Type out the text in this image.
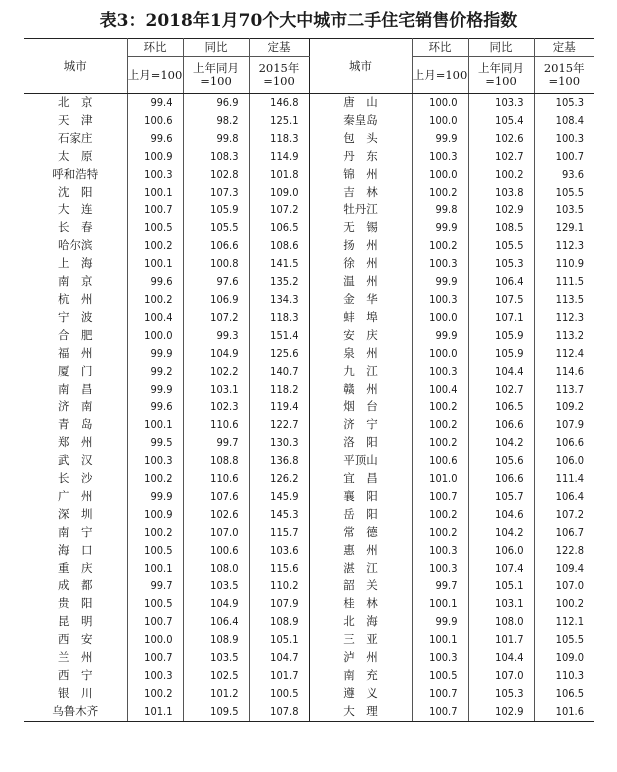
表3：2018年1月70个大中城市二手住宅销售价格指数
城市	环比	同比	定基	城市	环比	同比	定基
	上月=100	上年同月=100	2015年=100		上月=100	上年同月=100	2015年=100
北　京	99.4	96.9	146.8	唐　山	100.0	103.3	105.3
天　津	100.6	98.2	125.1	秦皇岛	100.0	105.4	108.4
石家庄	99.6	99.8	118.3	包　头	99.9	102.6	100.3
太　原	100.9	108.3	114.9	丹　东	100.3	102.7	100.7
呼和浩特	100.3	102.8	101.8	锦　州	100.0	100.2	93.6
沈　阳	100.1	107.3	109.0	吉　林	100.2	103.8	105.5
大　连	100.7	105.9	107.2	牡丹江	99.8	102.9	103.5
长　春	100.5	105.5	106.5	无　锡	99.9	108.5	129.1
哈尔滨	100.2	106.6	108.6	扬　州	100.2	105.5	112.3
上　海	100.1	100.8	141.5	徐　州	100.3	105.3	110.9
南　京	99.6	97.6	135.2	温　州	99.9	106.4	111.5
杭　州	100.2	106.9	134.3	金　华	100.3	107.5	113.5
宁　波	100.4	107.2	118.3	蚌　埠	100.0	107.1	112.3
合　肥	100.0	99.3	151.4	安　庆	99.9	105.9	113.2
福　州	99.9	104.9	125.6	泉　州	100.0	105.9	112.4
厦　门	99.2	102.2	140.7	九　江	100.3	104.4	114.6
南　昌	99.9	103.1	118.2	赣　州	100.4	102.7	113.7
济　南	99.6	102.3	119.4	烟　台	100.2	106.5	109.2
青　岛	100.1	110.6	122.7	济　宁	100.2	106.6	107.9
郑　州	99.5	99.7	130.3	洛　阳	100.2	104.2	106.6
武　汉	100.3	108.8	136.8	平顶山	100.6	105.6	106.0
长　沙	100.2	110.6	126.2	宜　昌	101.0	106.6	111.4
广　州	99.9	107.6	145.9	襄　阳	100.7	105.7	106.4
深　圳	100.9	102.6	145.3	岳　阳	100.2	104.6	107.2
南　宁	100.2	107.0	115.7	常　德	100.2	104.2	106.7
海　口	100.5	100.6	103.6	惠　州	100.3	106.0	122.8
重　庆	100.1	108.0	115.6	湛　江	100.3	107.4	109.4
成　都	99.7	103.5	110.2	韶　关	99.7	105.1	107.0
贵　阳	100.5	104.9	107.9	桂　林	100.1	103.1	100.2
昆　明	100.7	106.4	108.9	北　海	99.9	108.0	112.1
西　安	100.0	108.9	105.1	三　亚	100.1	101.7	105.5
兰　州	100.7	103.5	104.7	泸　州	100.3	104.4	109.0
西　宁	100.3	102.5	101.7	南　充	100.5	107.0	110.3
银　川	100.2	101.2	100.5	遵　义	100.7	105.3	106.5
乌鲁木齐	101.1	109.5	107.8	大　理	100.7	102.9	101.6
